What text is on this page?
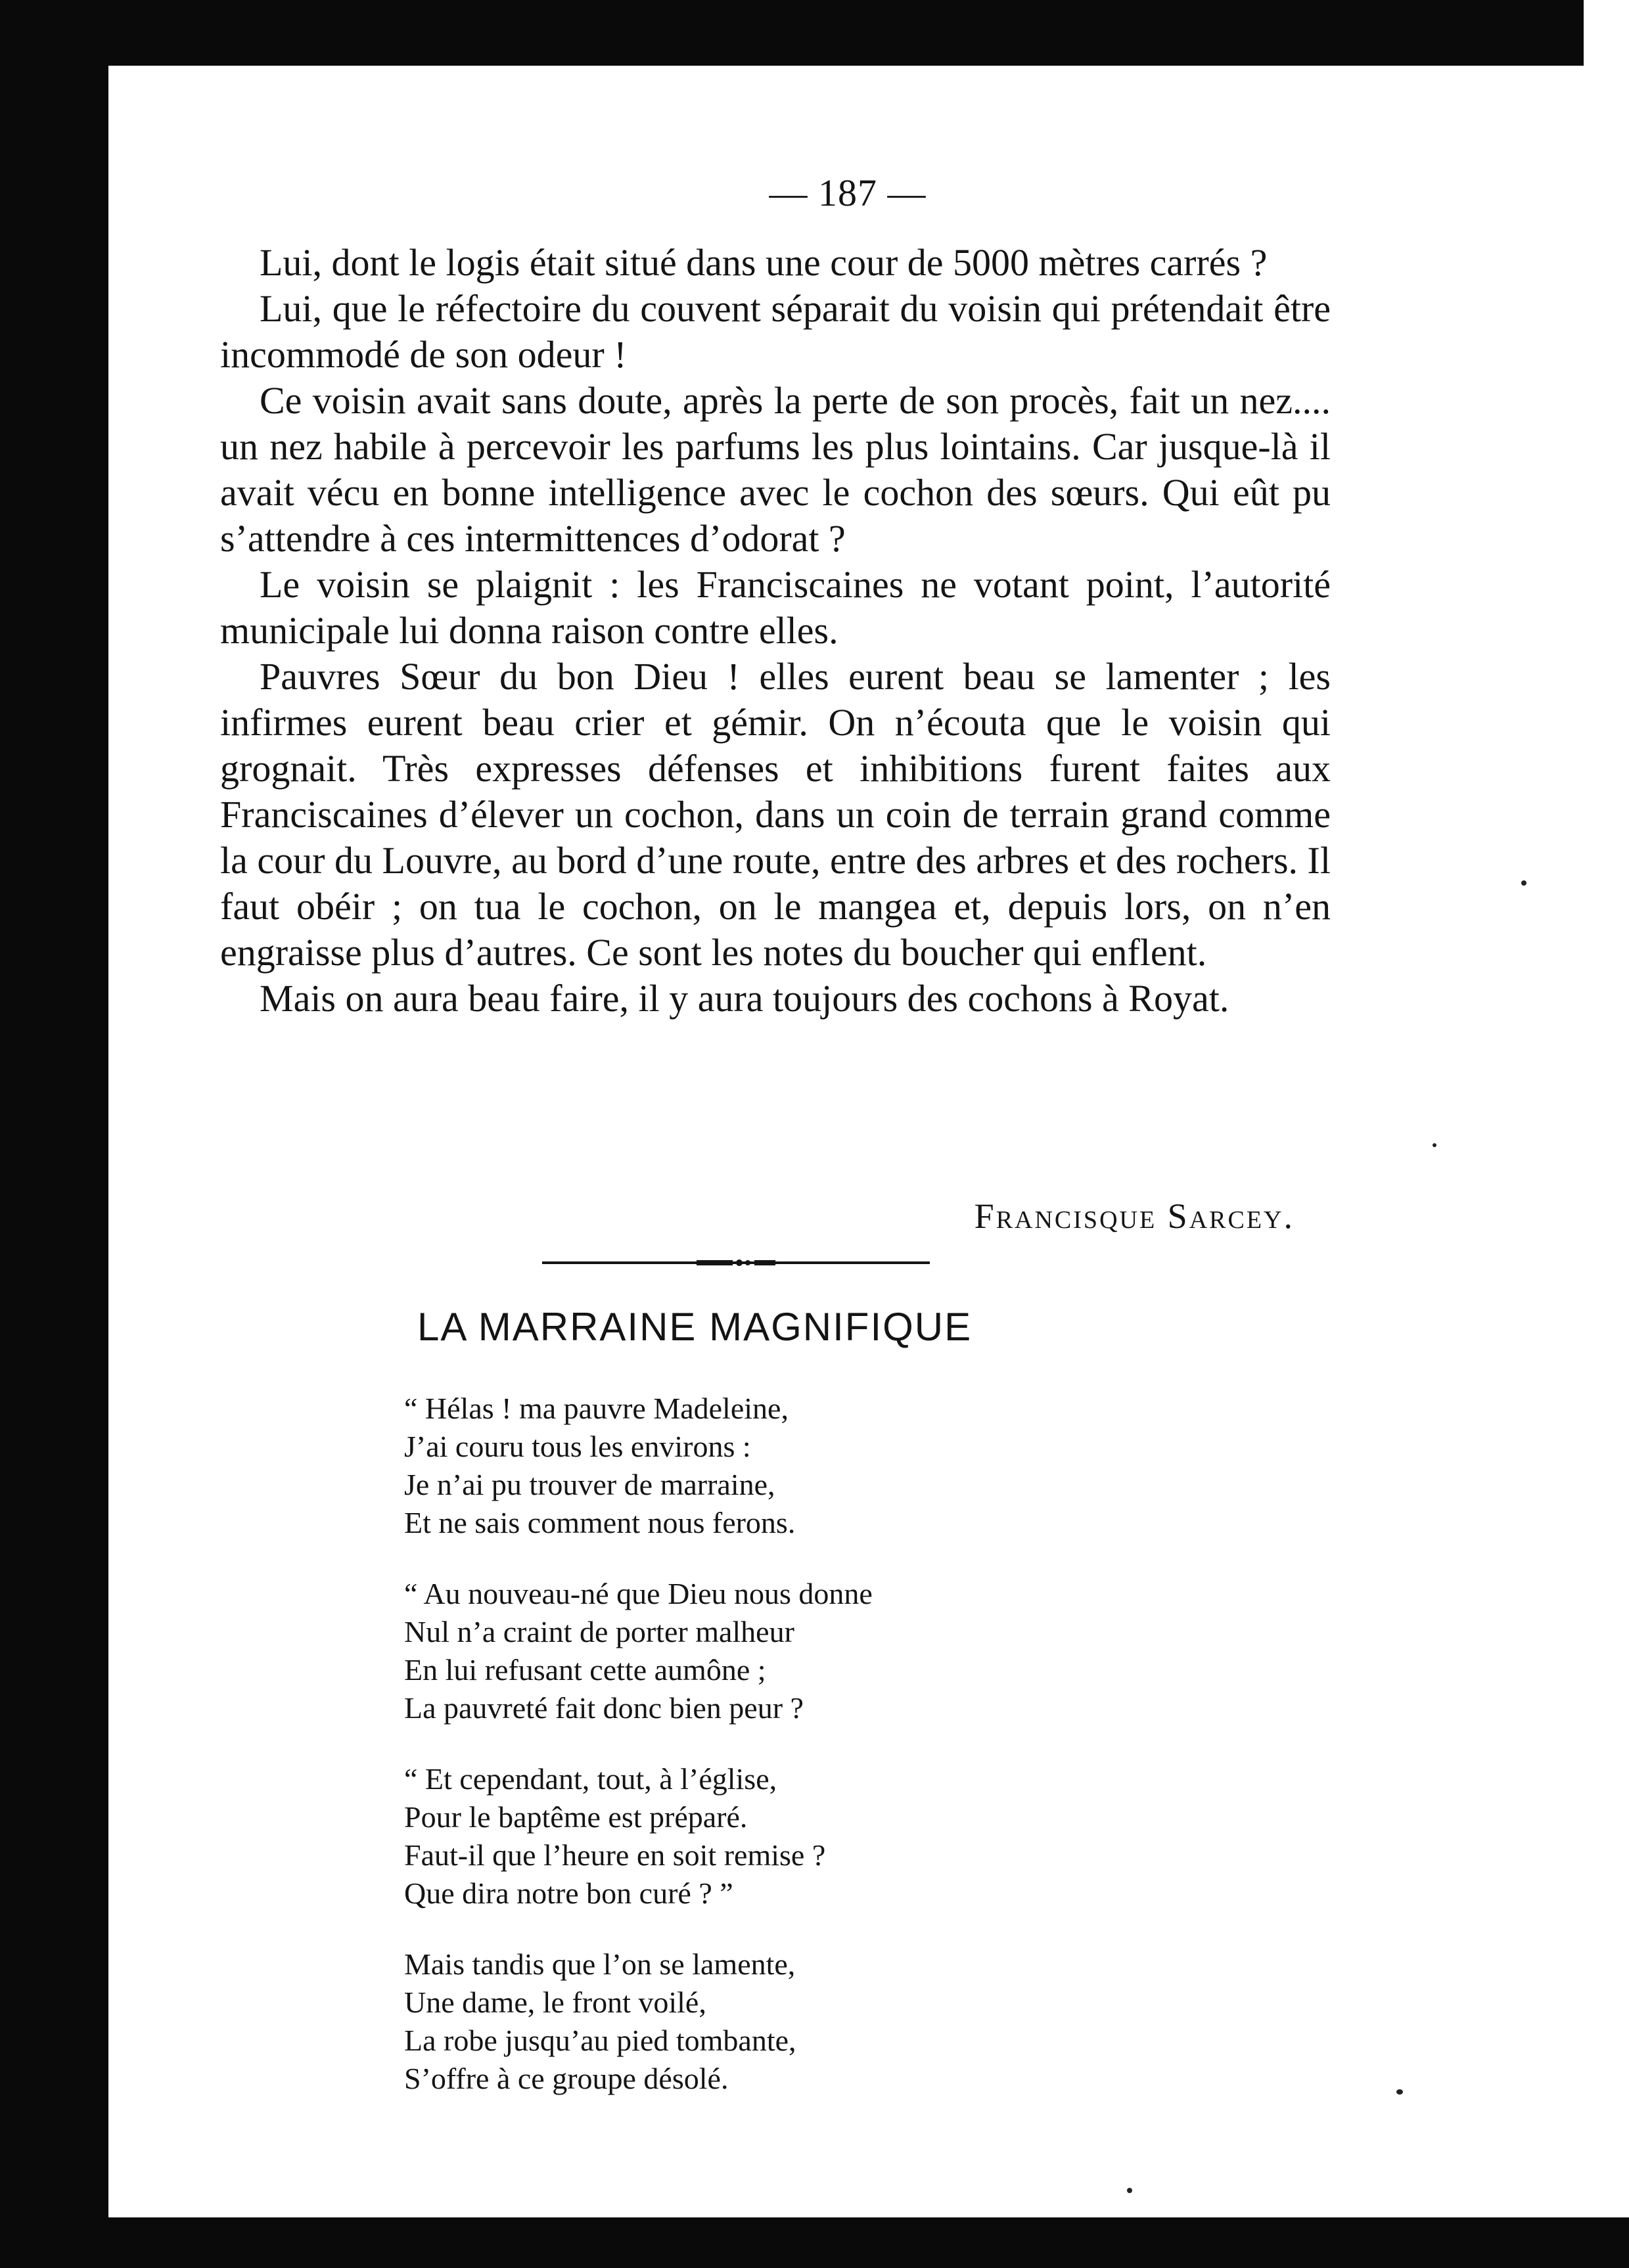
— 187 —

Lui, dont le logis était situé dans une cour de 5000 mètres carrés ?

Lui, que le réfectoire du couvent séparait du voisin qui prétendait être incommodé de son odeur !

Ce voisin avait sans doute, après la perte de son procès, fait un nez.... un nez habile à percevoir les parfums les plus lointains. Car jusque-là il avait vécu en bonne intelligence avec le cochon des sœurs. Qui eût pu s’attendre à ces intermittences d’odorat ?

Le voisin se plaignit : les Franciscaines ne votant point, l’autorité municipale lui donna raison contre elles.

Pauvres Sœur du bon Dieu ! elles eurent beau se lamenter ; les infirmes eurent beau crier et gémir. On n’écouta que le voisin qui grognait. Très expresses défenses et inhibitions furent faites aux Franciscaines d’élever un cochon, dans un coin de terrain grand comme la cour du Louvre, au bord d’une route, entre des arbres et des rochers. Il faut obéir ; on tua le cochon, on le mangea et, depuis lors, on n’en engraisse plus d’autres. Ce sont les notes du boucher qui enflent.

Mais on aura beau faire, il y aura toujours des cochons à Royat.

Francisque Sarcey.
LA MARRAINE MAGNIFIQUE
“ Hélas ! ma pauvre Madeleine,
J’ai couru tous les environs :
Je n’ai pu trouver de marraine,
Et ne sais comment nous ferons.
“ Au nouveau-né que Dieu nous donne
Nul n’a craint de porter malheur
En lui refusant cette aumône ;
La pauvreté fait donc bien peur ?
“ Et cependant, tout, à l’église,
Pour le baptême est préparé.
Faut-il que l’heure en soit remise ?
Que dira notre bon curé ? ”
Mais tandis que l’on se lamente,
Une dame, le front voilé,
La robe jusqu’au pied tombante,
S’offre à ce groupe désolé.
